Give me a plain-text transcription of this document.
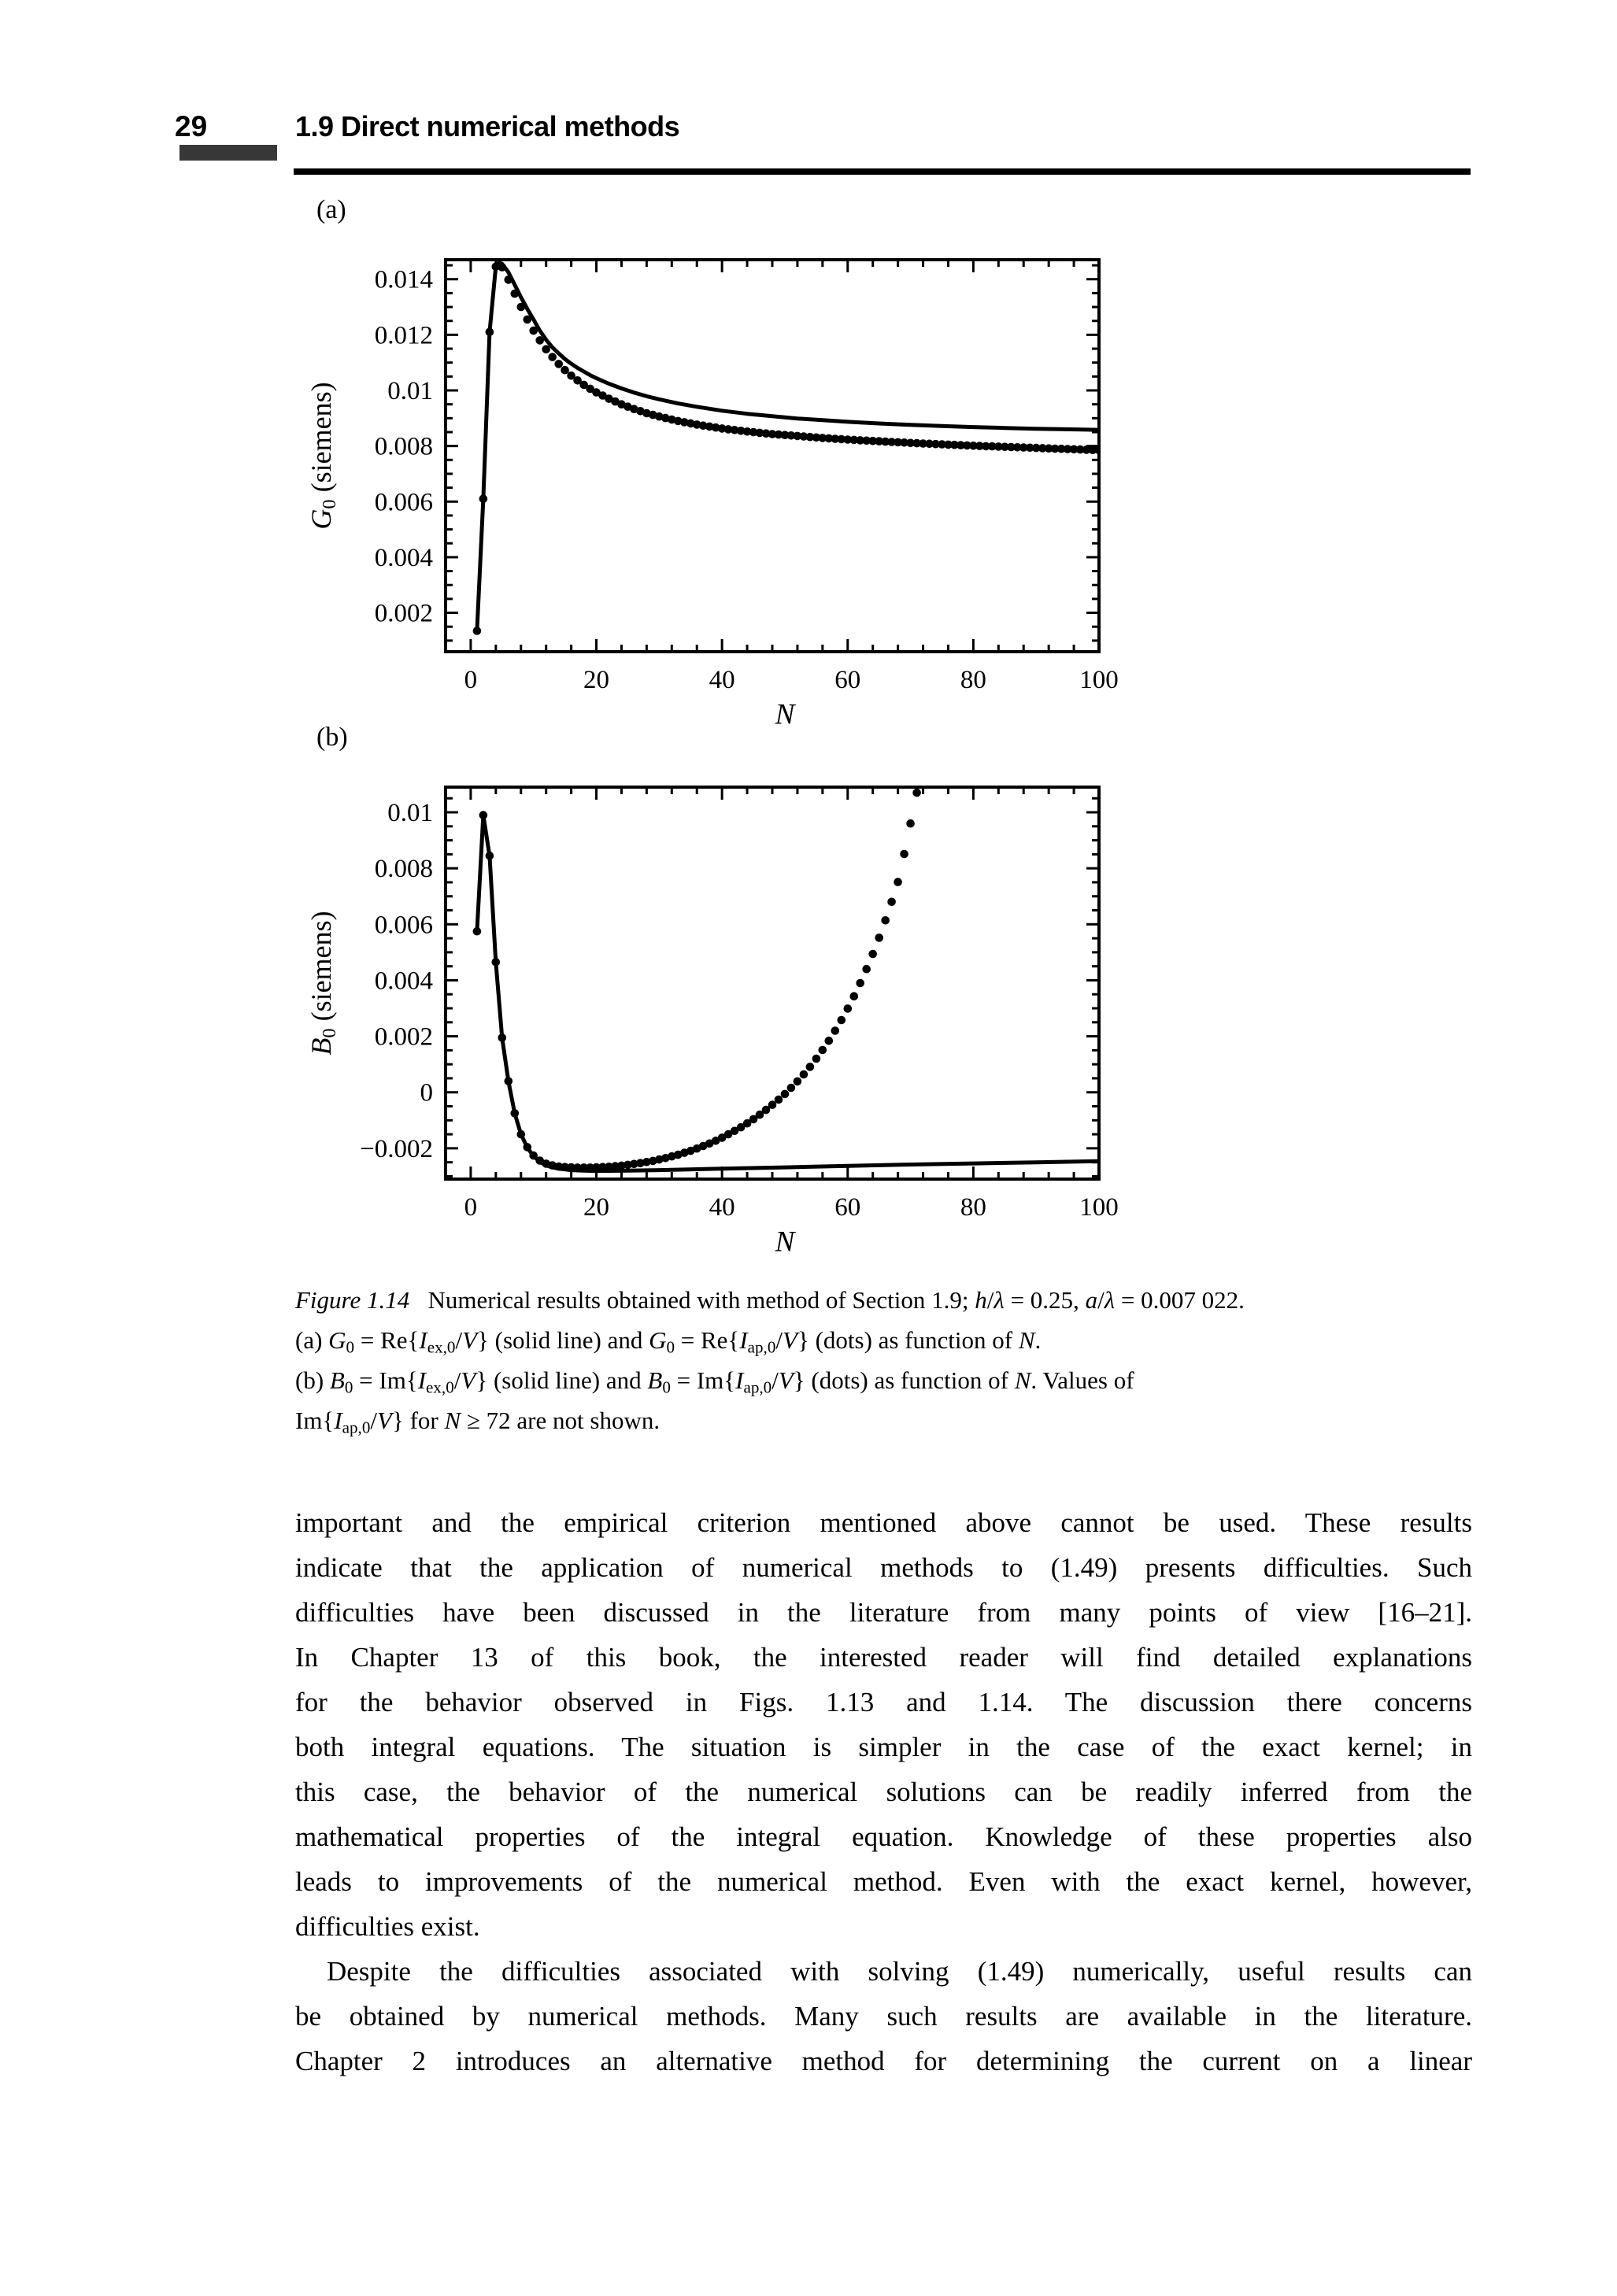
29	1.9 Direct numerical methods
0	20	40	60	80	100
0.002
0.004
0.006
0.008
0.01
0.012
0.014
0	20	40	60	80	100
−0.002
0
0.002
0.004
0.006
0.008
0.01
(a)
(b)
$G_0$ (siemens)
$B_0$ (siemens)
N
N
Figure 1.14  Numerical results obtained with method of Section 1.9; h/λ = 0.25, a/λ = 0.007 022.
(a) $G_0 = Re\{I_{ex,0}/V\}$ (solid line) and $G_0 = Re\{I_{ap,0}/V\}$ (dots) as function of N.
(b) $B_0 = Im\{I_{ex,0}/V\}$ (solid line) and $B_0 = Im\{I_{ap,0}/V\}$ (dots) as function of N. Values of
$Im\{I_{ap,0}/V\}$ for N ≥ 72 are not shown.
important and the empirical criterion mentioned above cannot be used. These results
indicate that the application of numerical methods to (1.49) presents difficulties. Such
difficulties have been discussed in the literature from many points of view [16–21].
In Chapter 13 of this book, the interested reader will find detailed explanations
for the behavior observed in Figs. 1.13 and 1.14. The discussion there concerns
both integral equations. The situation is simpler in the case of the exact kernel; in
this case, the behavior of the numerical solutions can be readily inferred from the
mathematical properties of the integral equation. Knowledge of these properties also
leads to improvements of the numerical method. Even with the exact kernel, however,
difficulties exist.
Despite the difficulties associated with solving (1.49) numerically, useful results can
be obtained by numerical methods. Many such results are available in the literature.
Chapter 2 introduces an alternative method for determining the current on a linear
